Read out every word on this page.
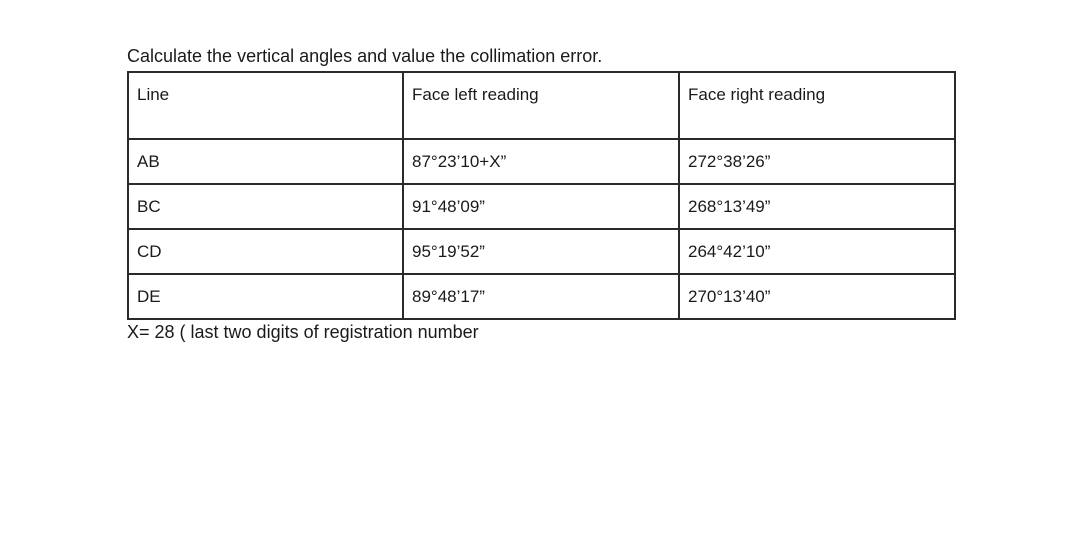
Calculate the vertical angles and value the collimation error.

Line	Face left reading	Face right reading
AB	87°23’10+X”	272°38’26”
BC	91°48’09”	268°13’49”
CD	95°19’52”	264°42’10”
DE	89°48’17”	270°13’40”

X= 28 ( last two digits of registration number
